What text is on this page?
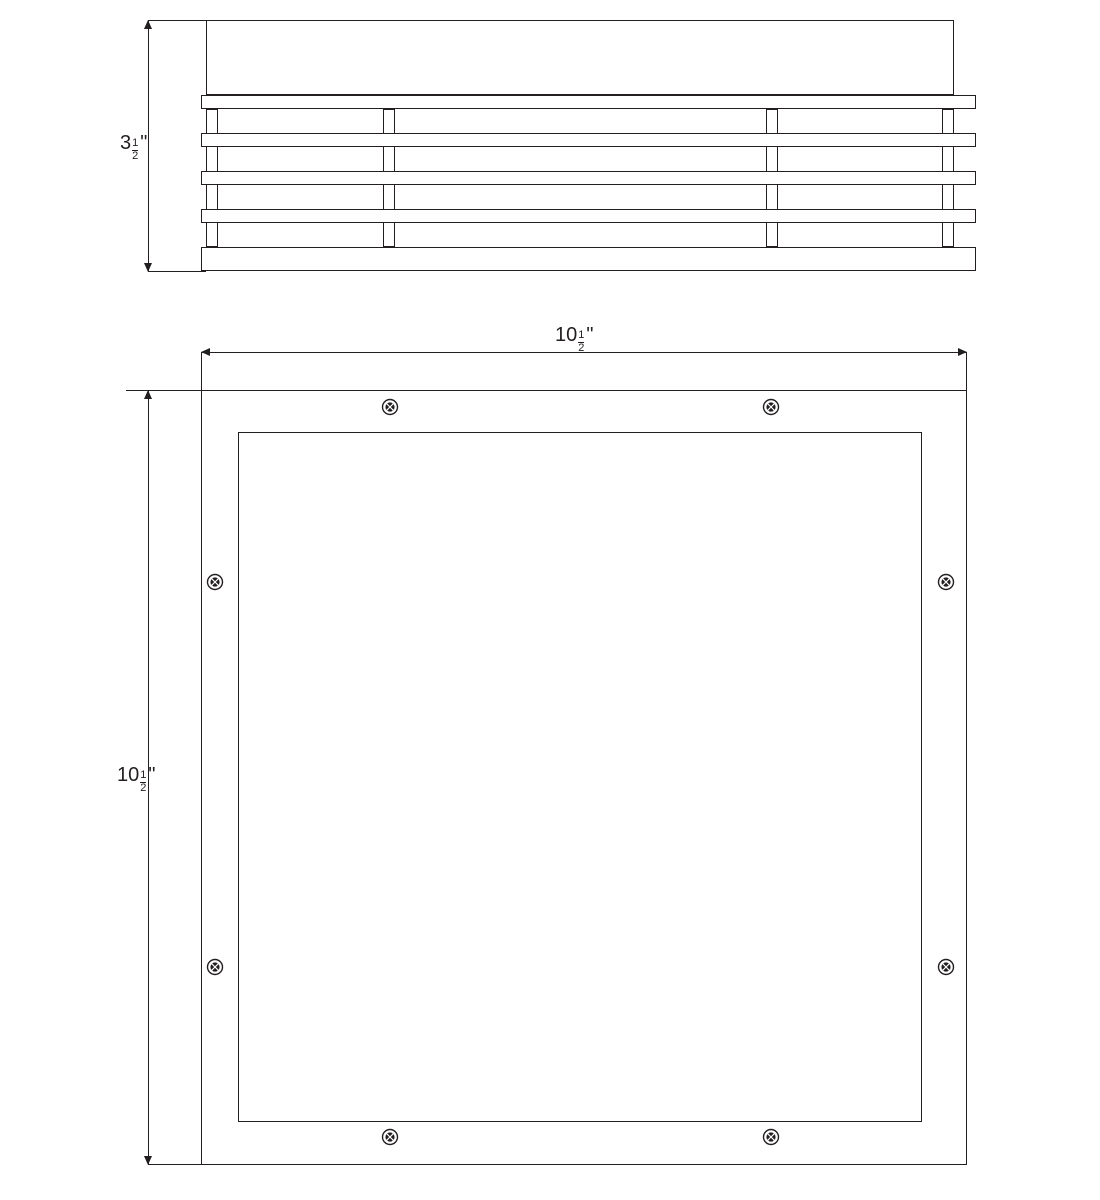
$3 \frac{1}{2}$ "
$10 \frac{1}{2}$ "
$10 \frac{1}{2}$ "
